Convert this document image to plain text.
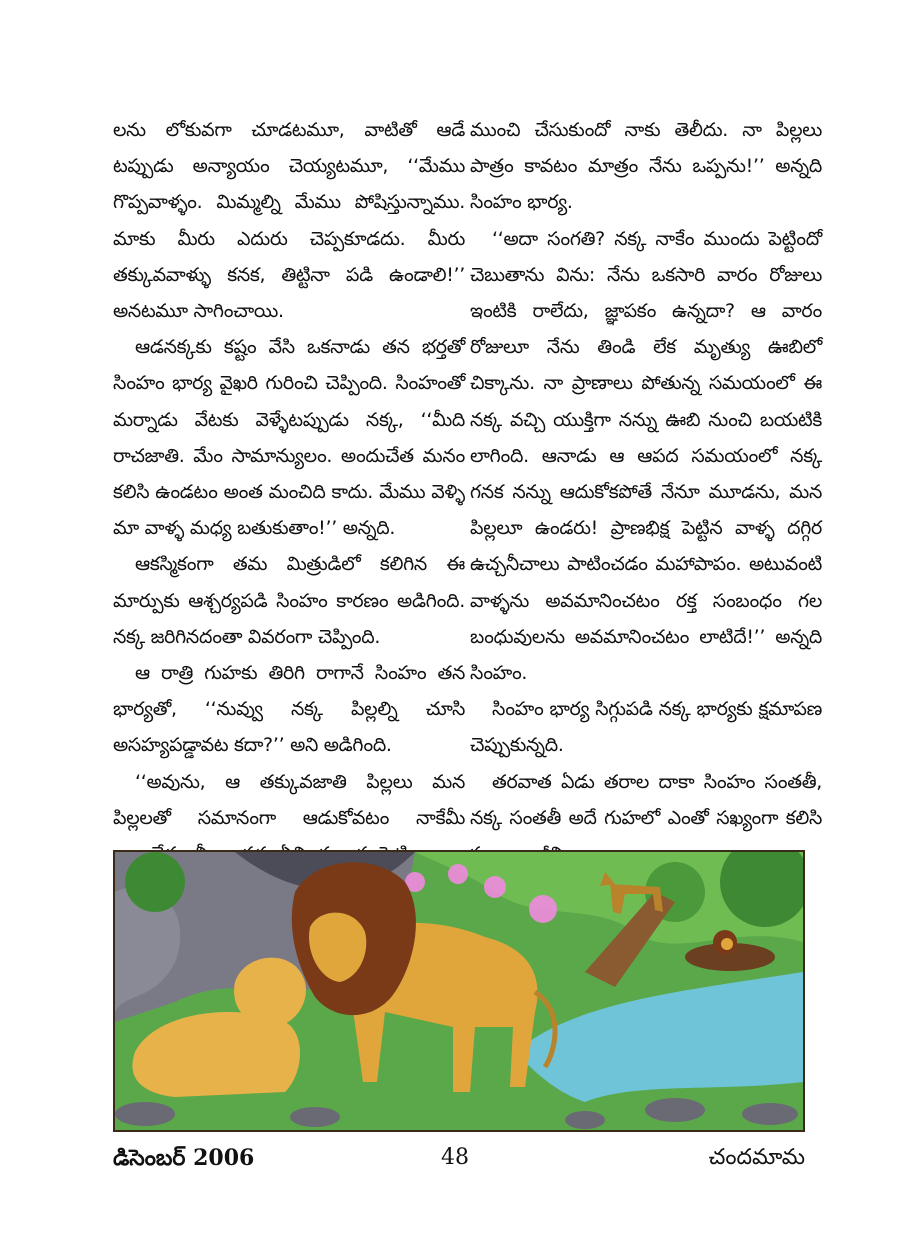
లను లోకువగా చూడటమూ, వాటితో ఆడే టప్పుడు అన్యాయం చెయ్యటమూ, ‘‘మేము గొప్పవాళ్ళం. మిమ్మల్ని మేము పోషిస్తున్నాము. మాకు మీరు ఎదురు చెప్పకూడదు. మీరు తక్కువవాళ్ళు కనక, తిట్టినా పడి ఉండాలి!’’ అనటమూ సాగించాయి.

ఆడనక్కకు కష్టం వేసి ఒకనాడు తన భర్తతో సింహం భార్య వైఖరి గురించి చెప్పింది. సింహంతో మర్నాడు వేటకు వెళ్ళేటప్పుడు నక్క, ‘‘మీది రాచజాతి. మేం సామాన్యులం. అందుచేత మనం కలిసి ఉండటం అంత మంచిది కాదు. మేము వెళ్ళి మా వాళ్ళ మధ్య బతుకుతాం!’’ అన్నది.

ఆకస్మికంగా తమ మిత్రుడిలో కలిగిన ఈ మార్పుకు ఆశ్చర్యపడి సింహం కారణం అడిగింది. నక్క జరిగినదంతా వివరంగా చెప్పింది.

ఆ రాత్రి గుహకు తిరిగి రాగానే సింహం తన భార్యతో, ‘‘నువ్వు నక్క పిల్లల్ని చూసి అసహ్యపడ్డావట కదా?’’ అని అడిగింది.

‘‘అవును, ఆ తక్కువజాతి పిల్లలు మన పిల్లలతో సమానంగా ఆడుకోవటం నాకేమీ

ముంచి చేసుకుందో నాకు తెలీదు. నా పిల్లలు పాత్రం కావటం మాత్రం నేను ఒప్పను!’’ అన్నది సింహం భార్య.

‘‘అదా సంగతి? నక్క నాకేం ముందు పెట్టిందో చెబుతాను విను: నేను ఒకసారి వారం రోజులు ఇంటికి రాలేదు, జ్ఞాపకం ఉన్నదా? ఆ వారం రోజులూ నేను తిండి లేక మృత్యు ఊబిలో చిక్కాను. నా ప్రాణాలు పోతున్న సమయంలో ఈ నక్క వచ్చి యుక్తిగా నన్ను ఊబి నుంచి బయటికి లాగింది. ఆనాడు ఆ ఆపద సమయంలో నక్క గనక నన్ను ఆదుకోకపోతే నేనూ మూడను, మన పిల్లలూ ఉండరు! ప్రాణభిక్ష పెట్టిన వాళ్ళ దగ్గిర ఉచ్చనీచాలు పాటించడం మహాపాపం. అటువంటి వాళ్ళను అవమానించటం రక్త సంబంధం గల బంధువులను అవమానించటం లాటిదే!’’ అన్నది సింహం.

సింహం భార్య సిగ్గుపడి నక్క భార్యకు క్షమాపణ చెప్పుకున్నది.

తరవాత ఏడు తరాల దాకా సింహం సంతతీ, నక్క సంతతీ అదే గుహలో ఎంతో సఖ్యంగా కలిసి

డిసెంబర్ 2006	48	చందమామ
